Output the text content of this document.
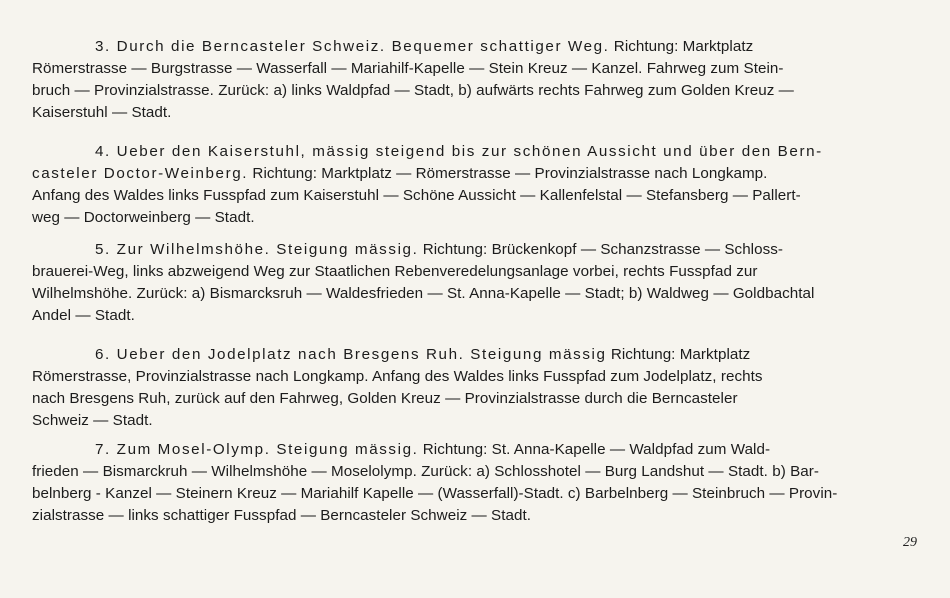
3. Durch die Berncasteler Schweiz. Bequemer schattiger Weg. Richtung: Marktplatz
Römerstrasse — Burgstrasse — Wasserfall — Mariahilf-Kapelle — Stein Kreuz — Kanzel. Fahrweg zum Stein-
bruch — Provinzialstrasse. Zurück: a) links Waldpfad — Stadt, b) aufwärts rechts Fahrweg zum Golden Kreuz —
Kaiserstuhl — Stadt.
4. Ueber den Kaiserstuhl, mässig steigend bis zur schönen Aussicht und über den Bern-
casteler Doctor-Weinberg. Richtung: Marktplatz — Römerstrasse — Provinzialstrasse nach Longkamp.
Anfang des Waldes links Fusspfad zum Kaiserstuhl — Schöne Aussicht — Kallenfelstal — Stefansberg — Pallert-
weg — Doctorweinberg — Stadt.
5. Zur Wilhelmshöhe. Steigung mässig. Richtung: Brückenkopf — Schanzstrasse — Schloss-
brauerei-Weg, links abzweigend Weg zur Staatlichen Rebenveredelungsanlage vorbei, rechts Fusspfad zur
Wilhelmshöhe. Zurück: a) Bismarcksruh — Waldesfrieden — St. Anna-Kapelle — Stadt; b) Waldweg — Goldbachtal
Andel — Stadt.
6. Ueber den Jodelplatz nach Bresgens Ruh. Steigung mässig Richtung: Marktplatz
Römerstrasse, Provinzialstrasse nach Longkamp. Anfang des Waldes links Fusspfad zum Jodelplatz, rechts
nach Bresgens Ruh, zurück auf den Fahrweg, Golden Kreuz — Provinzialstrasse durch die Berncasteler
Schweiz — Stadt.
7. Zum Mosel-Olymp. Steigung mässig. Richtung: St. Anna-Kapelle — Waldpfad zum Wald-
frieden — Bismarckruh — Wilhelmshöhe — Moselolymp. Zurück: a) Schlosshotel — Burg Landshut — Stadt. b) Bar-
belnberg - Kanzel — Steinern Kreuz — Mariahilf Kapelle — (Wasserfall)-Stadt. c) Barbelnberg — Steinbruch — Provin-
zialstrasse — links schattiger Fusspfad — Berncasteler Schweiz — Stadt.
29
